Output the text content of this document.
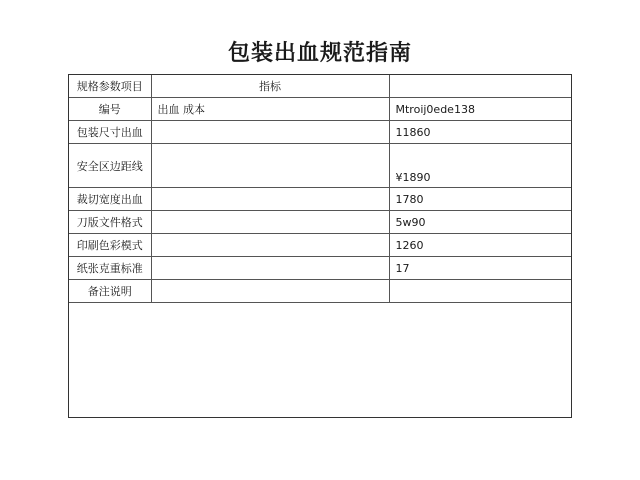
包装出血规范指南
规格参数项目	指标	
编号	出血 成本	Mtroij0ede138
包装尺寸出血		11860
安全区边距线		¥1890
裁切宽度出血		1780
刀版文件格式		5w90
印刷色彩模式		1260
纸张克重标准		17
备注说明		
